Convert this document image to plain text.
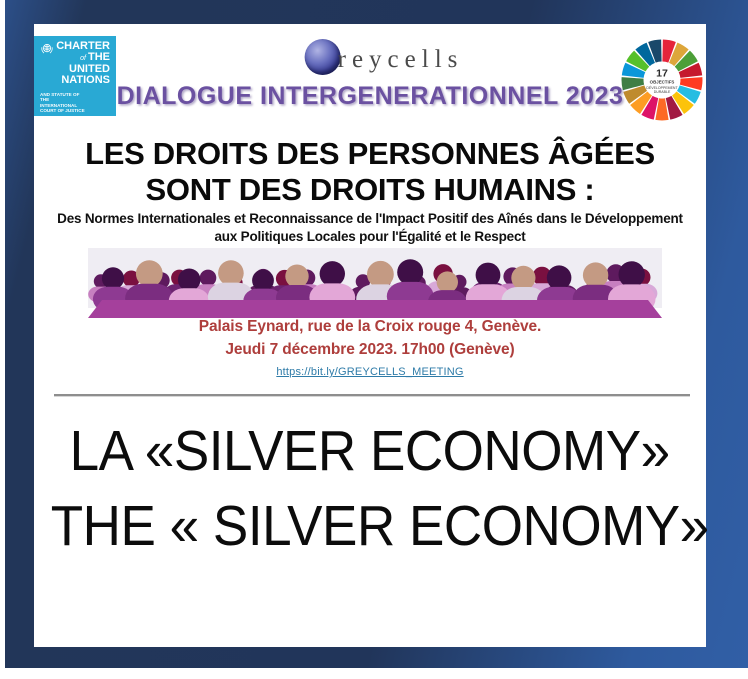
CHARTER
of THE
UNITED
NATIONS
AND STATUTE OF THE INTERNATIONAL COURT OF JUSTICE
reycells
17
OBJECTIFS
DÉVELOPPEMENT
DURABLE
DIALOGUE INTERGENERATIONNEL 2023
LES DROITS DES PERSONNES ÂGÉES
SONT DES DROITS HUMAINS :
Des Normes Internationales et Reconnaissance de l'Impact Positif des Aînés dans le Développement
aux Politiques Locales pour l'Égalité et le Respect
Palais Eynard, rue de la Croix rouge 4, Genève.
Jeudi 7 décembre 2023. 17h00 (Genève)
https://bit.ly/GREYCELLS_MEETING
LA «SILVER ECONOMY»
THE « SILVER ECONOMY»
